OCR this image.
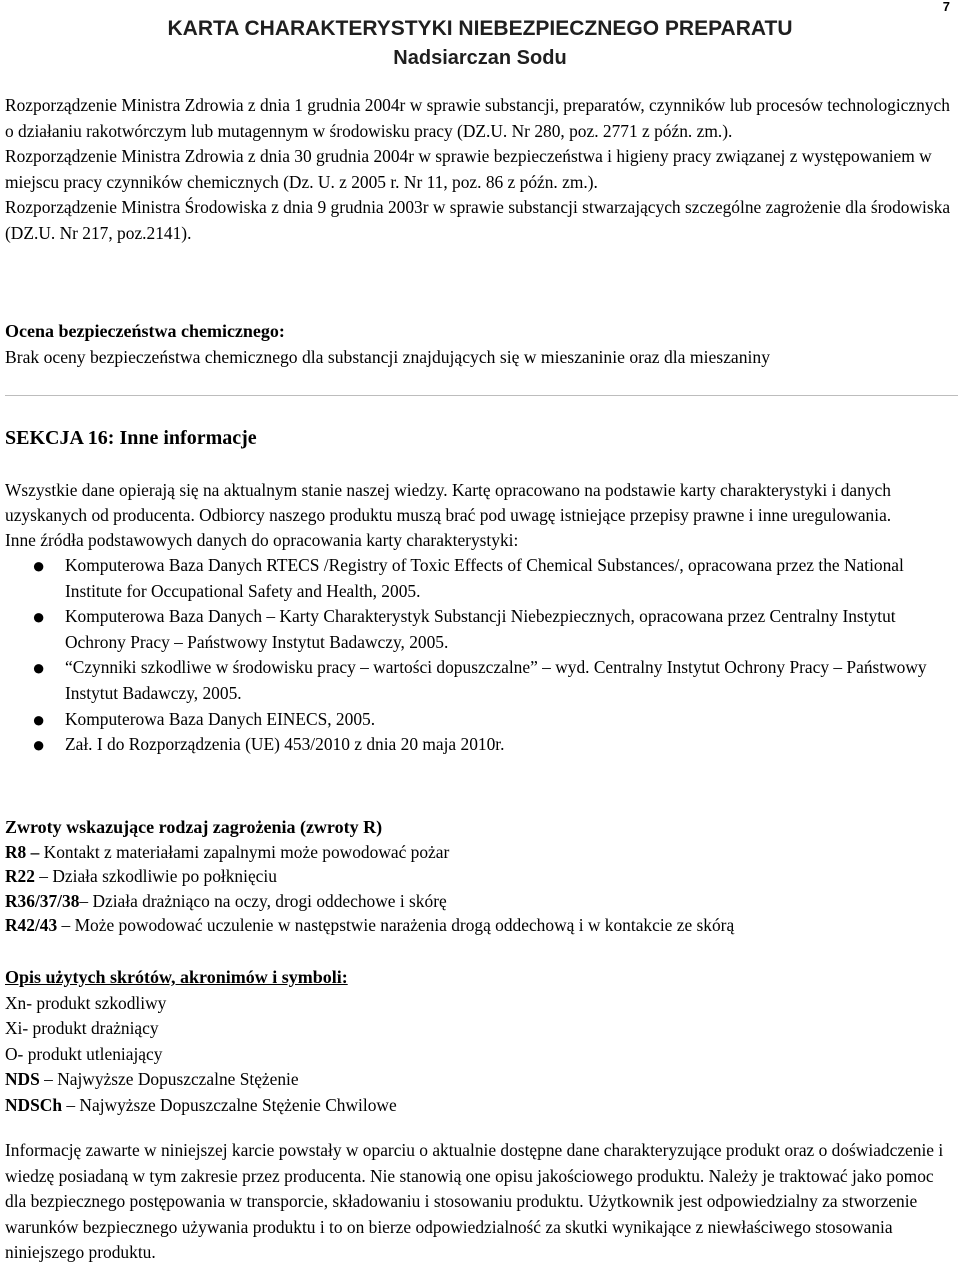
7
KARTA CHARAKTERYSTYKI NIEBEZPIECZNEGO PREPARATU
Nadsiarczan Sodu

Rozporządzenie Ministra Zdrowia z dnia 1 grudnia 2004r w sprawie substancji, preparatów, czynników lub procesów technologicznych o działaniu rakotwórczym lub mutagennym w środowisku pracy (DZ.U. Nr 280, poz. 2771 z późn. zm.).

Rozporządzenie Ministra Zdrowia z dnia 30 grudnia 2004r w sprawie bezpieczeństwa i higieny pracy związanej z występowaniem w miejscu pracy czynników chemicznych (Dz. U. z 2005 r. Nr 11, poz. 86 z późn. zm.).

Rozporządzenie Ministra Środowiska z dnia 9 grudnia 2003r w sprawie substancji stwarzających szczególne zagrożenie dla środowiska (DZ.U. Nr 217, poz.2141).

Ocena bezpieczeństwa chemicznego:

Brak oceny bezpieczeństwa chemicznego dla substancji znajdujących się w mieszaninie oraz dla mieszaniny

SEKCJA 16: Inne informacje

Wszystkie dane opierają się na aktualnym stanie naszej wiedzy. Kartę opracowano na podstawie karty charakterystyki i danych uzyskanych od producenta. Odbiorcy naszego produktu muszą brać pod uwagę istniejące przepisy prawne i inne uregulowania.

Inne źródła podstawowych danych do opracowania karty charakterystyki:

● Komputerowa Baza Danych RTECS /Registry of Toxic Effects of Chemical Substances/, opracowana przez the National Institute for Occupational Safety and Health, 2005.
● Komputerowa Baza Danych – Karty Charakterystyk Substancji Niebezpiecznych, opracowana przez Centralny Instytut Ochrony Pracy – Państwowy Instytut Badawczy, 2005.
● “Czynniki szkodliwe w środowisku pracy – wartości dopuszczalne” – wyd. Centralny Instytut Ochrony Pracy – Państwowy Instytut Badawczy, 2005.
● Komputerowa Baza Danych EINECS, 2005.
● Zał. I do Rozporządzenia (UE) 453/2010 z dnia 20 maja 2010r.

Zwroty wskazujące rodzaj zagrożenia (zwroty R)

R8 – Kontakt z materiałami zapalnymi może powodować pożar

R22 – Działa szkodliwie po połknięciu

R36/37/38– Działa drażniąco na oczy, drogi oddechowe i skórę

R42/43 – Może powodować uczulenie w następstwie narażenia drogą oddechową i w kontakcie ze skórą

Opis użytych skrótów, akronimów i symboli:

Xn- produkt szkodliwy

Xi- produkt drażniący

O- produkt utleniający

NDS – Najwyższe Dopuszczalne Stężenie

NDSCh – Najwyższe Dopuszczalne Stężenie Chwilowe

Informację zawarte w niniejszej karcie powstały w oparciu o aktualnie dostępne dane charakteryzujące produkt oraz o doświadczenie i wiedzę posiadaną w tym zakresie przez producenta. Nie stanowią one opisu jakościowego produktu. Należy je traktować jako pomoc dla bezpiecznego postępowania w transporcie, składowaniu i stosowaniu produktu. Użytkownik jest odpowiedzialny za stworzenie warunków bezpiecznego używania produktu i to on bierze odpowiedzialność za skutki wynikające z niewłaściwego stosowania niniejszego produktu.
